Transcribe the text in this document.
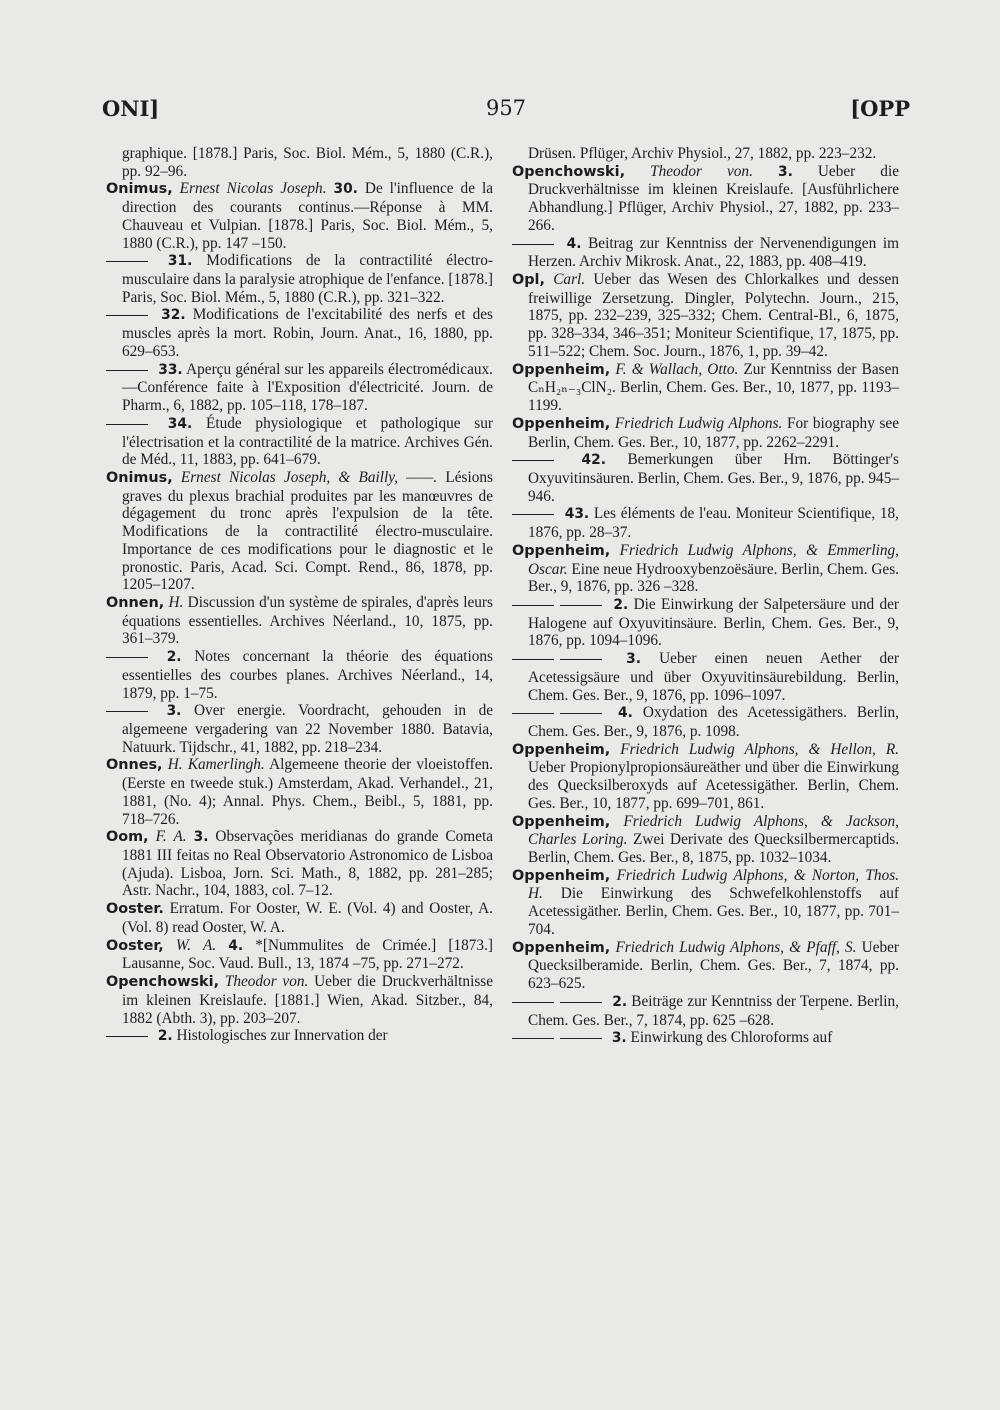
ONI]	957	[OPP

graphique. [1878.] Paris, Soc. Biol. Mém., 5, 1880 (C.R.), pp. 92–96.

Onimus, Ernest Nicolas Joseph. 30. De l'influence de la direction des courants continus.—Réponse à MM. Chauveau et Vulpian. [1878.] Paris, Soc. Biol. Mém., 5, 1880 (C.R.), pp. 147 –150.

31. Modifications de la contractilité électro-musculaire dans la paralysie atrophique de l'enfance. [1878.] Paris, Soc. Biol. Mém., 5, 1880 (C.R.), pp. 321–322.

32. Modifications de l'excitabilité des nerfs et des muscles après la mort. Robin, Journ. Anat., 16, 1880, pp. 629–653.

33. Aperçu général sur les appareils électromédicaux.—Conférence faite à l'Exposition d'électricité. Journ. de Pharm., 6, 1882, pp. 105–118, 178–187.

34. Étude physiologique et pathologique sur l'électrisation et la contractilité de la matrice. Archives Gén. de Méd., 11, 1883, pp. 641–679.

Onimus, Ernest Nicolas Joseph, & Bailly, ——. Lésions graves du plexus brachial produites par les manœuvres de dégagement du tronc après l'expulsion de la tête. Modifications de la contractilité électro-musculaire. Importance de ces modifications pour le diagnostic et le pronostic. Paris, Acad. Sci. Compt. Rend., 86, 1878, pp. 1205–1207.

Onnen, H. Discussion d'un système de spirales, d'après leurs équations essentielles. Archives Néerland., 10, 1875, pp. 361–379.

2. Notes concernant la théorie des équations essentielles des courbes planes. Archives Néerland., 14, 1879, pp. 1–75.

3. Over energie. Voordracht, gehouden in de algemeene vergadering van 22 November 1880. Batavia, Natuurk. Tijdschr., 41, 1882, pp. 218–234.

Onnes, H. Kamerlingh. Algemeene theorie der vloeistoffen. (Eerste en tweede stuk.) Amsterdam, Akad. Verhandel., 21, 1881, (No. 4); Annal. Phys. Chem., Beibl., 5, 1881, pp. 718–726.

Oom, F. A. 3. Observações meridianas do grande Cometa 1881 III feitas no Real Observatorio Astronomico de Lisboa (Ajuda). Lisboa, Jorn. Sci. Math., 8, 1882, pp. 281–285; Astr. Nachr., 104, 1883, col. 7–12.

Ooster. Erratum. For Ooster, W. E. (Vol. 4) and Ooster, A. (Vol. 8) read Ooster, W. A.

Ooster, W. A. 4. *[Nummulites de Crimée.] [1873.] Lausanne, Soc. Vaud. Bull., 13, 1874 –75, pp. 271–272.

Openchowski, Theodor von. Ueber die Druckverhältnisse im kleinen Kreislaufe. [1881.] Wien, Akad. Sitzber., 84, 1882 (Abth. 3), pp. 203–207.

2. Histologisches zur Innervation der

Drüsen. Pflüger, Archiv Physiol., 27, 1882, pp. 223–232.

Openchowski, Theodor von. 3. Ueber die Druckverhältnisse im kleinen Kreislaufe. [Ausführlichere Abhandlung.] Pflüger, Archiv Physiol., 27, 1882, pp. 233–266.

4. Beitrag zur Kenntniss der Nervenendigungen im Herzen. Archiv Mikrosk. Anat., 22, 1883, pp. 408–419.

Opl, Carl. Ueber das Wesen des Chlorkalkes und dessen freiwillige Zersetzung. Dingler, Polytechn. Journ., 215, 1875, pp. 232–239, 325–332; Chem. Central-Bl., 6, 1875, pp. 328–334, 346–351; Moniteur Scientifique, 17, 1875, pp. 511–522; Chem. Soc. Journ., 1876, 1, pp. 39–42.

Oppenheim, F. & Wallach, Otto. Zur Kenntniss der Basen CₙH₂ₙ₋₃ClN₂. Berlin, Chem. Ges. Ber., 10, 1877, pp. 1193–1199.

Oppenheim, Friedrich Ludwig Alphons. For biography see Berlin, Chem. Ges. Ber., 10, 1877, pp. 2262–2291.

42. Bemerkungen über Hrn. Böttinger's Oxyuvitinsäuren. Berlin, Chem. Ges. Ber., 9, 1876, pp. 945–946.

43. Les éléments de l'eau. Moniteur Scientifique, 18, 1876, pp. 28–37.

Oppenheim, Friedrich Ludwig Alphons, & Emmerling, Oscar. Eine neue Hydrooxybenzoësäure. Berlin, Chem. Ges. Ber., 9, 1876, pp. 326 –328.

2. Die Einwirkung der Salpetersäure und der Halogene auf Oxyuvitinsäure. Berlin, Chem. Ges. Ber., 9, 1876, pp. 1094–1096.

3. Ueber einen neuen Aether der Acetessigsäure und über Oxyuvitinsäurebildung. Berlin, Chem. Ges. Ber., 9, 1876, pp. 1096–1097.

4. Oxydation des Acetessigäthers. Berlin, Chem. Ges. Ber., 9, 1876, p. 1098.

Oppenheim, Friedrich Ludwig Alphons, & Hellon, R. Ueber Propionylpropionsäureäther und über die Einwirkung des Quecksilberoxyds auf Acetessigäther. Berlin, Chem. Ges. Ber., 10, 1877, pp. 699–701, 861.

Oppenheim, Friedrich Ludwig Alphons, & Jackson, Charles Loring. Zwei Derivate des Quecksilbermercaptids. Berlin, Chem. Ges. Ber., 8, 1875, pp. 1032–1034.

Oppenheim, Friedrich Ludwig Alphons, & Norton, Thos. H. Die Einwirkung des Schwefelkohlenstoffs auf Acetessigäther. Berlin, Chem. Ges. Ber., 10, 1877, pp. 701–704.

Oppenheim, Friedrich Ludwig Alphons, & Pfaff, S. Ueber Quecksilberamide. Berlin, Chem. Ges. Ber., 7, 1874, pp. 623–625.

2. Beiträge zur Kenntniss der Terpene. Berlin, Chem. Ges. Ber., 7, 1874, pp. 625 –628.

3. Einwirkung des Chloroforms auf
